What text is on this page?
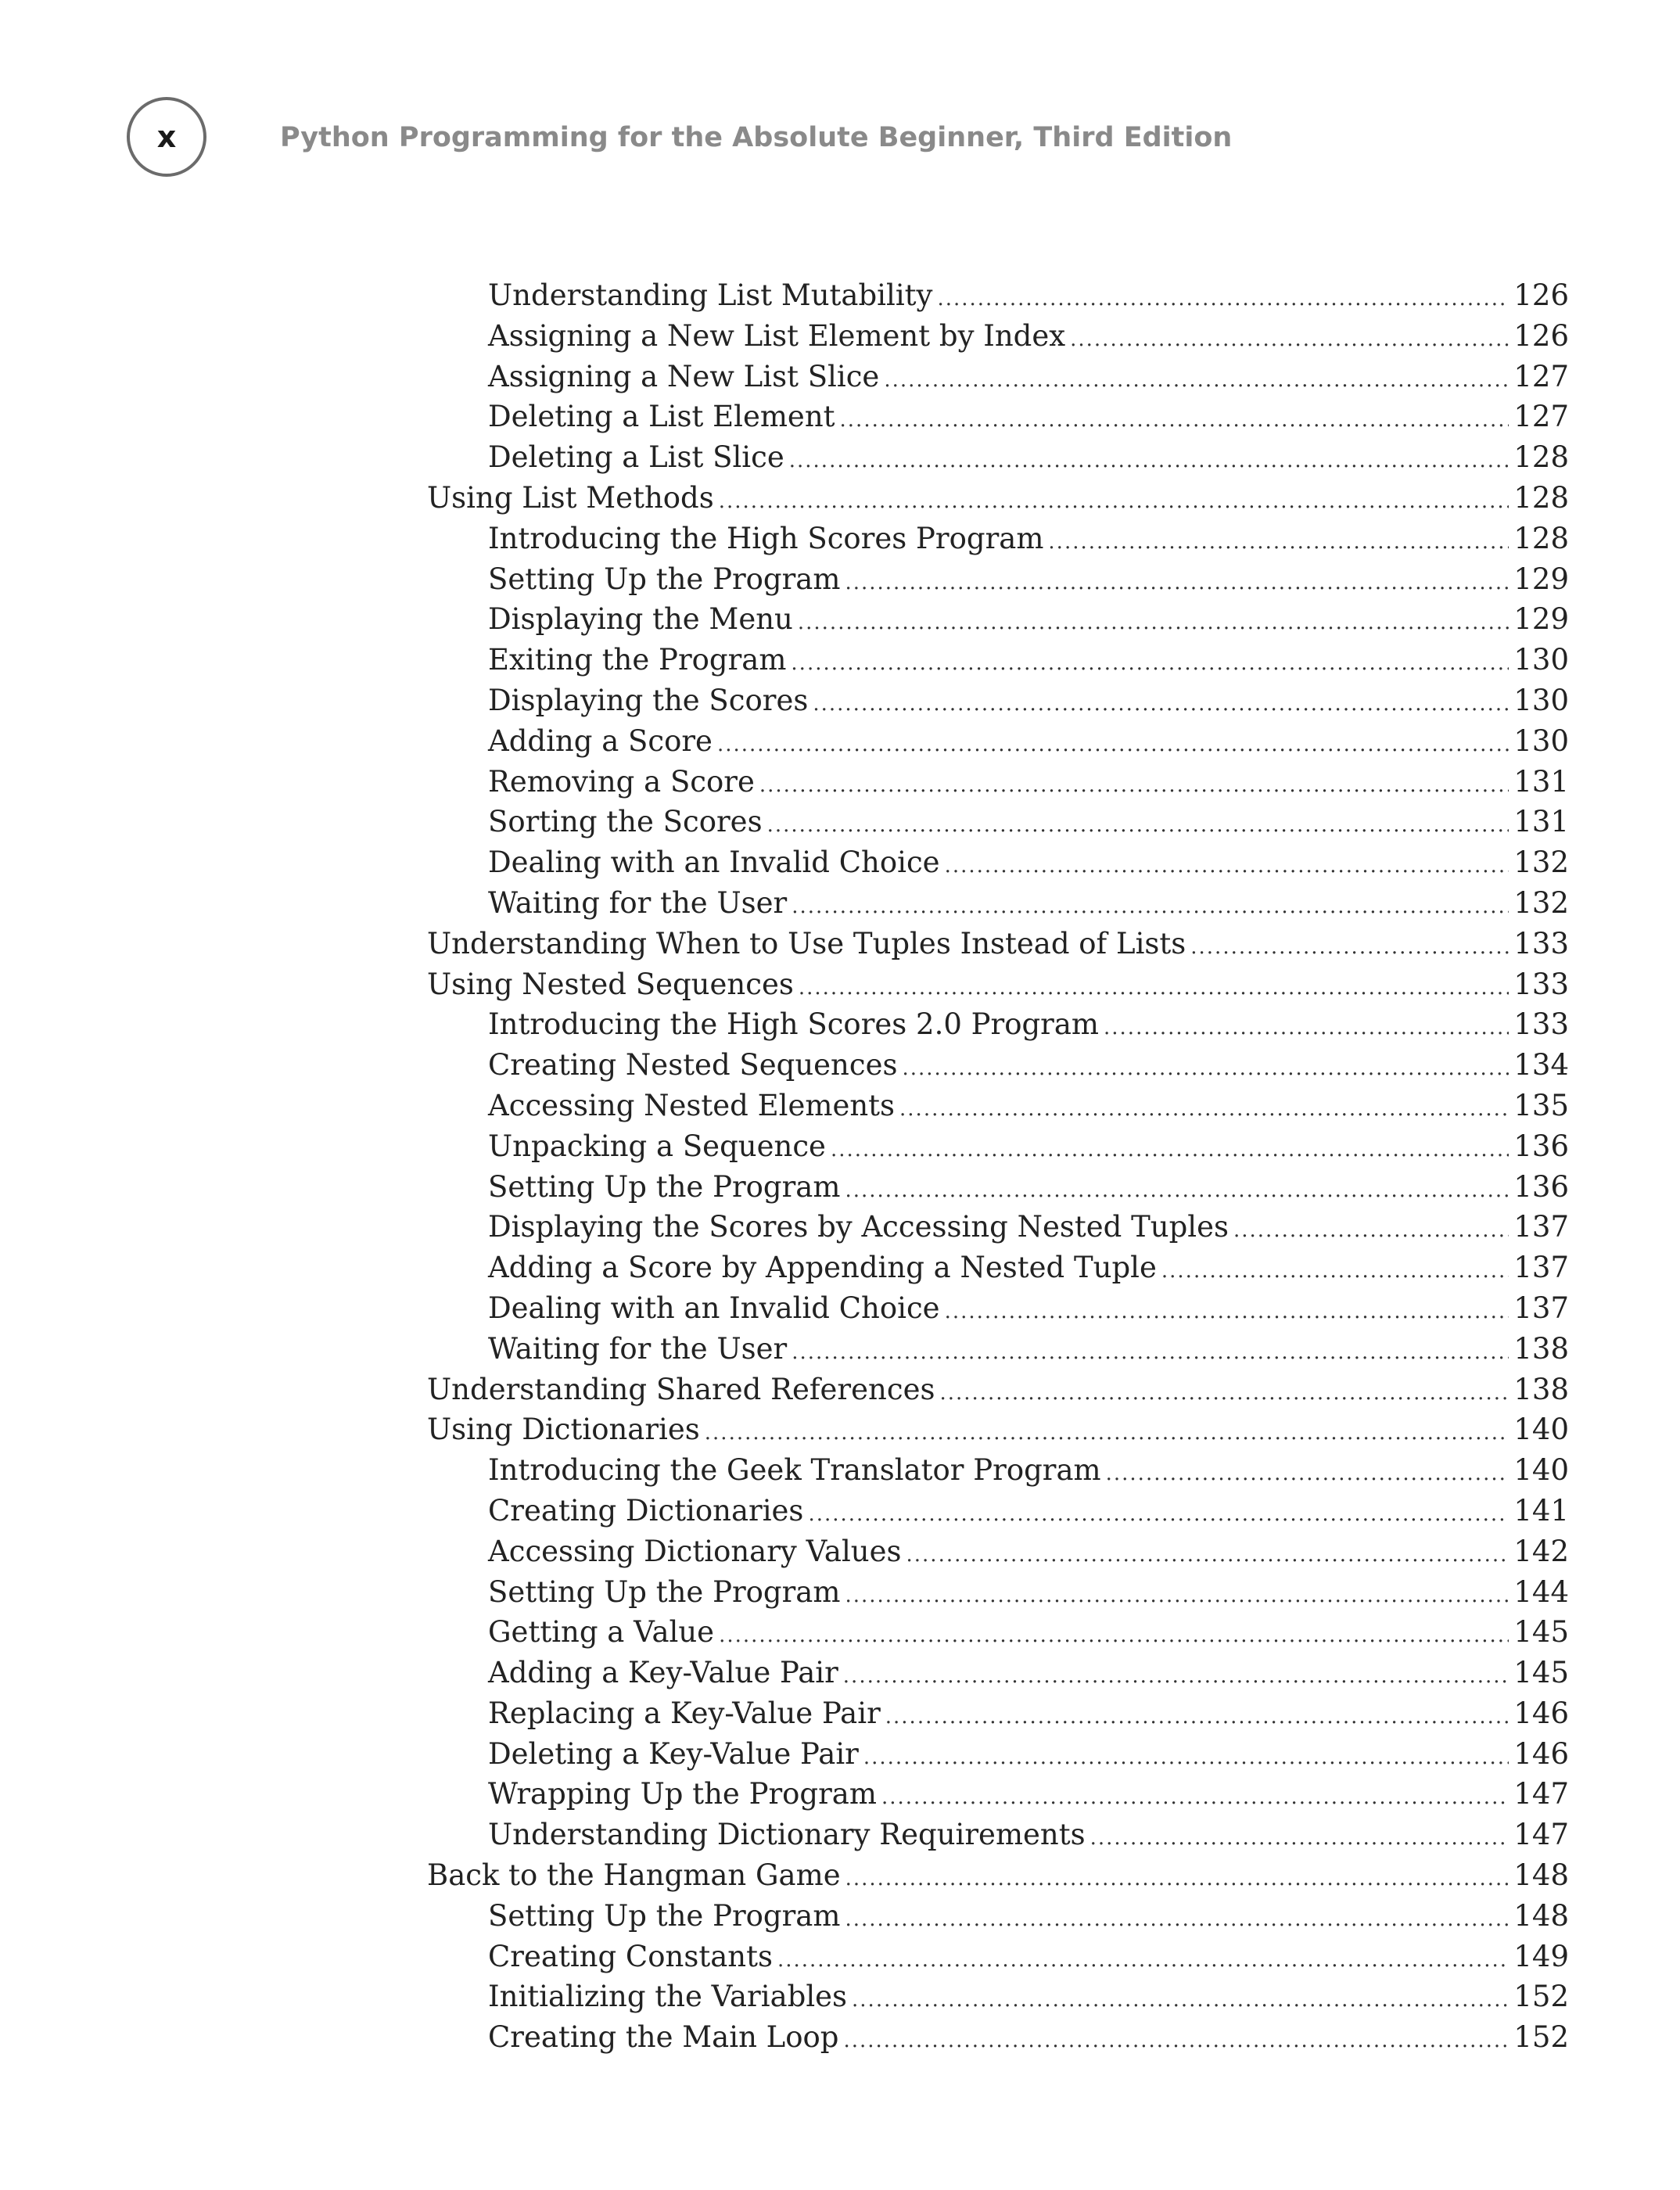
x	Python Programming for the Absolute Beginner, Third Edition
Understanding List Mutability .....	126
Assigning a New List Element by Index .....	126
Assigning a New List Slice .....	127
Deleting a List Element .....	127
Deleting a List Slice .....	128
Using List Methods .....	128
Introducing the High Scores Program .....	128
Setting Up the Program .....	129
Displaying the Menu .....	129
Exiting the Program .....	130
Displaying the Scores .....	130
Adding a Score .....	130
Removing a Score .....	131
Sorting the Scores .....	131
Dealing with an Invalid Choice .....	132
Waiting for the User .....	132
Understanding When to Use Tuples Instead of Lists .....	133
Using Nested Sequences .....	133
Introducing the High Scores 2.0 Program .....	133
Creating Nested Sequences .....	134
Accessing Nested Elements .....	135
Unpacking a Sequence .....	136
Setting Up the Program .....	136
Displaying the Scores by Accessing Nested Tuples .....	137
Adding a Score by Appending a Nested Tuple .....	137
Dealing with an Invalid Choice .....	137
Waiting for the User .....	138
Understanding Shared References .....	138
Using Dictionaries .....	140
Introducing the Geek Translator Program .....	140
Creating Dictionaries .....	141
Accessing Dictionary Values .....	142
Setting Up the Program .....	144
Getting a Value .....	145
Adding a Key-Value Pair .....	145
Replacing a Key-Value Pair .....	146
Deleting a Key-Value Pair .....	146
Wrapping Up the Program .....	147
Understanding Dictionary Requirements .....	147
Back to the Hangman Game .....	148
Setting Up the Program .....	148
Creating Constants .....	149
Initializing the Variables .....	152
Creating the Main Loop .....	152
